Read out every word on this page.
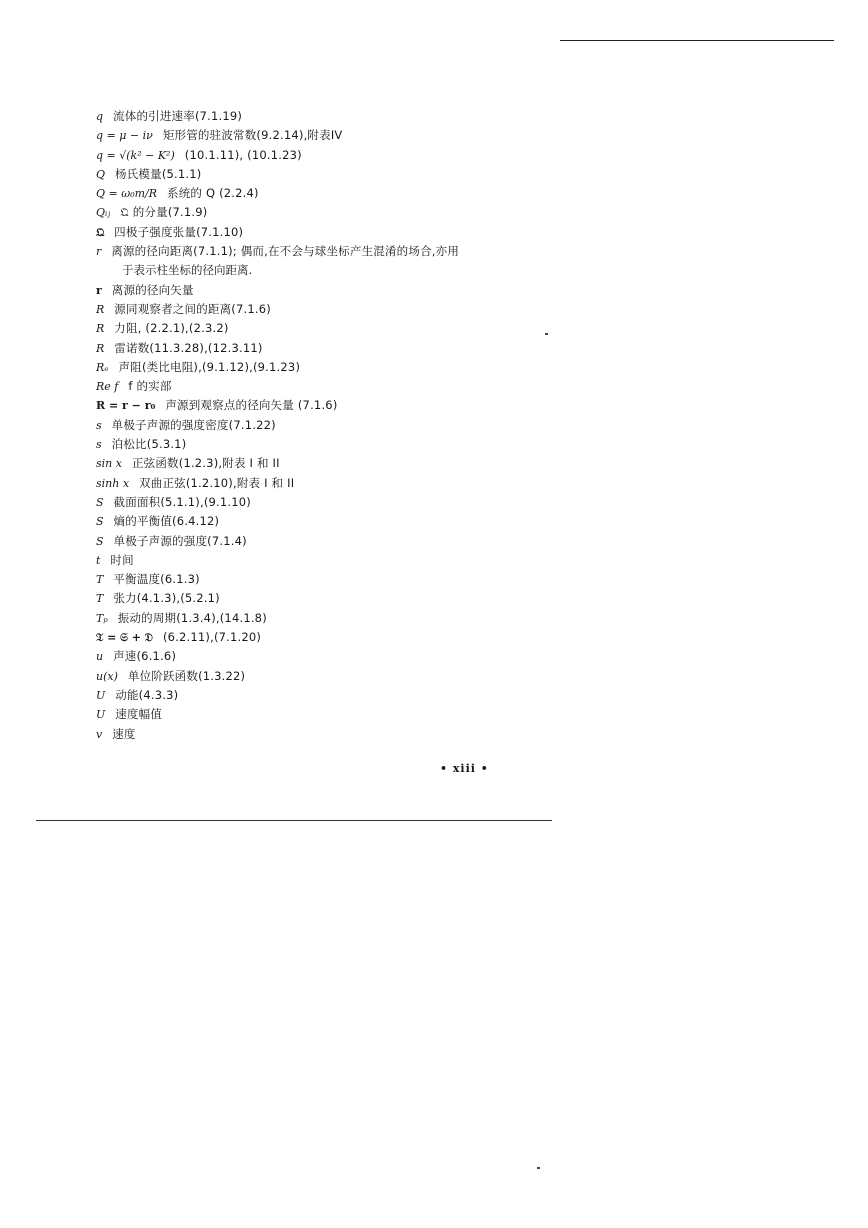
q 流体的引进速率(7.1.19)
q = μ − iν 矩形管的驻波常数(9.2.14),附表IV
q = √(k² − K²) (10.1.11), (10.1.23)
Q 杨氏模量(5.1.1)
Q = ω₀m/R 系统的 Q (2.2.4)
Qᵢⱼ 𝔔 的分量(7.1.9)
𝔔 四极子强度张量(7.1.10)
r 离源的径向距离(7.1.1); 偶而,在不会与球坐标产生混淆的场合,亦用
于表示柱坐标的径向距离.
r 离源的径向矢量
R 源同观察者之间的距离(7.1.6)
R 力阻, (2.2.1),(2.3.2)
R 雷诺数(11.3.28),(12.3.11)
Rₑ 声阻(类比电阻),(9.1.12),(9.1.23)
Re f f 的实部
R = r − r₀ 声源到观察点的径向矢量 (7.1.6)
s 单极子声源的强度密度(7.1.22)
s 泊松比(5.3.1)
sin x 正弦函数(1.2.3),附表 I 和 II
sinh x 双曲正弦(1.2.10),附表 I 和 II
S 截面面积(5.1.1),(9.1.10)
S 熵的平衡值(6.4.12)
S 单极子声源的强度(7.1.4)
t 时间
T 平衡温度(6.1.3)
T 张力(4.1.3),(5.2.1)
Tₚ 振动的周期(1.3.4),(14.1.8)
𝔗 = 𝔖 + 𝔇 (6.2.11),(7.1.20)
u 声速(6.1.6)
u(x) 单位阶跃函数(1.3.22)
U 动能(4.3.3)
U 速度幅值
v 速度
• xiii •
